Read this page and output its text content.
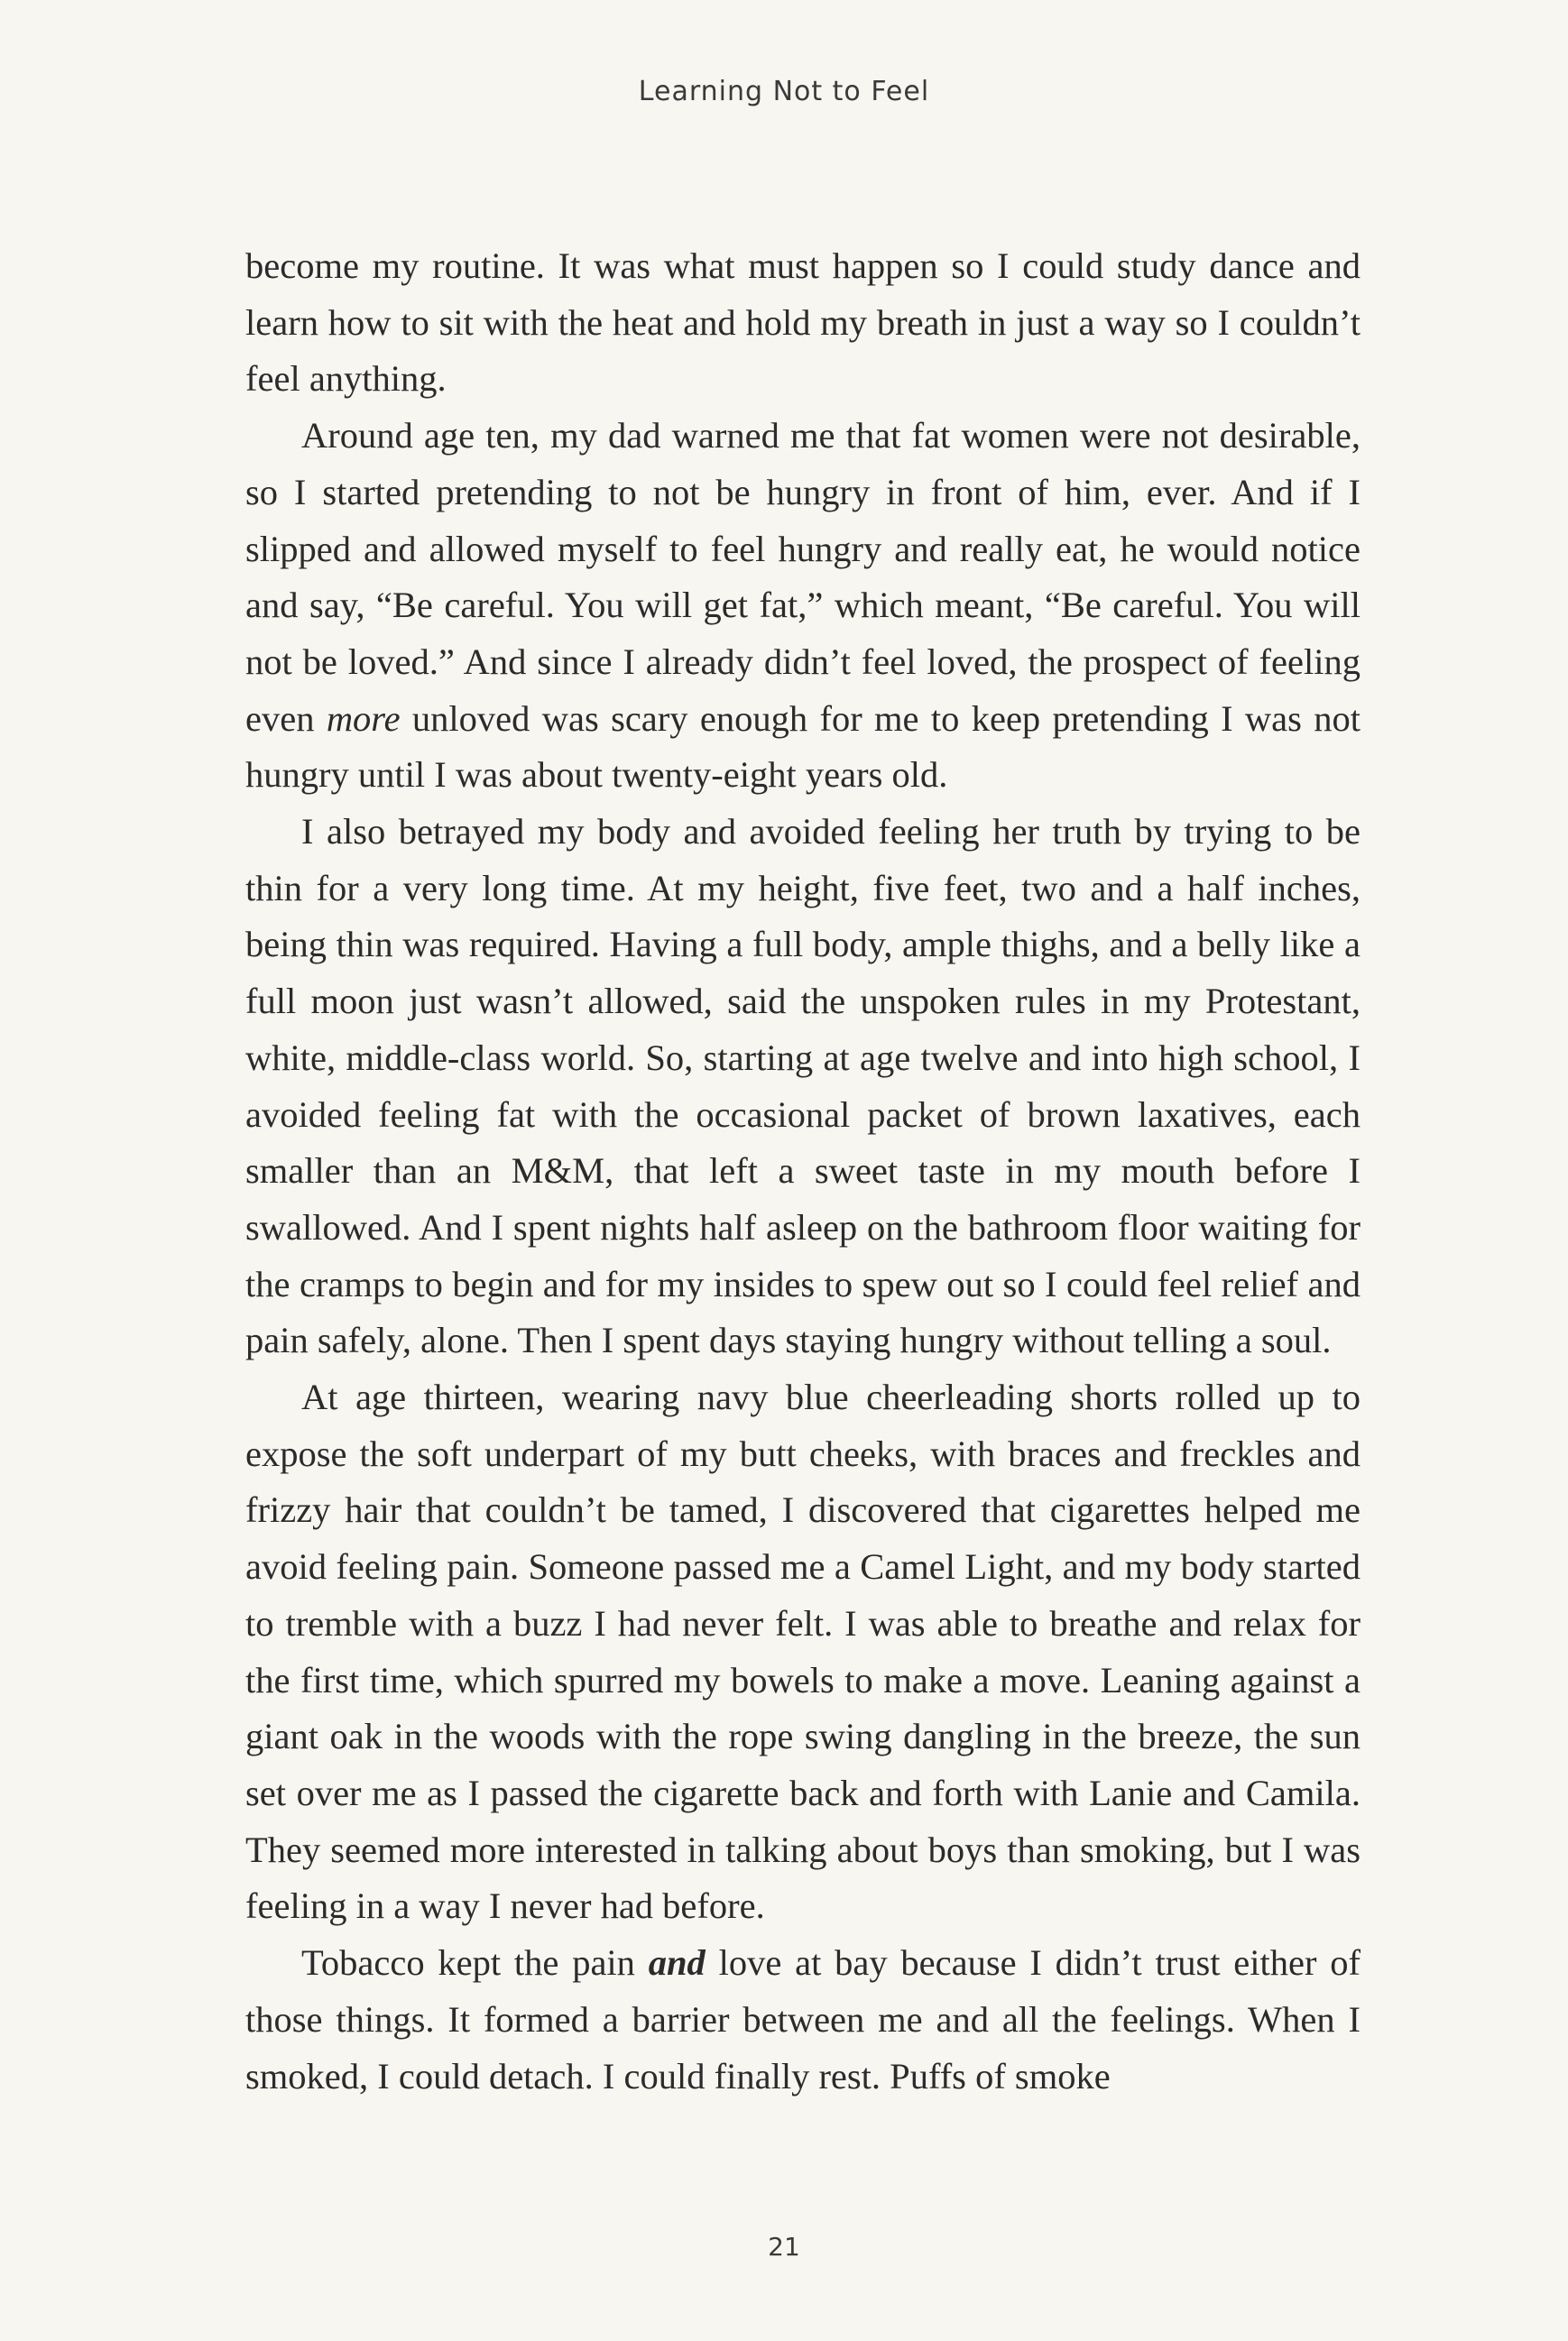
Learning Not to Feel

become my routine. It was what must happen so I could study dance and learn how to sit with the heat and hold my breath in just a way so I couldn’t feel anything.

Around age ten, my dad warned me that fat women were not desirable, so I started pretending to not be hungry in front of him, ever. And if I slipped and allowed myself to feel hungry and really eat, he would notice and say, “Be careful. You will get fat,” which meant, “Be careful. You will not be loved.” And since I already didn’t feel loved, the prospect of feeling even more unloved was scary enough for me to keep pretending I was not hungry until I was about twenty-eight years old.

I also betrayed my body and avoided feeling her truth by trying to be thin for a very long time. At my height, five feet, two and a half inches, being thin was required. Having a full body, ample thighs, and a belly like a full moon just wasn’t allowed, said the unspoken rules in my Protestant, white, middle-class world. So, starting at age twelve and into high school, I avoided feeling fat with the occasional packet of brown laxatives, each smaller than an M&M, that left a sweet taste in my mouth before I swallowed. And I spent nights half asleep on the bathroom floor waiting for the cramps to begin and for my insides to spew out so I could feel relief and pain safely, alone. Then I spent days staying hungry without telling a soul.

At age thirteen, wearing navy blue cheerleading shorts rolled up to expose the soft underpart of my butt cheeks, with braces and freckles and frizzy hair that couldn’t be tamed, I discovered that cigarettes helped me avoid feeling pain. Someone passed me a Camel Light, and my body started to tremble with a buzz I had never felt. I was able to breathe and relax for the first time, which spurred my bowels to make a move. Leaning against a giant oak in the woods with the rope swing dangling in the breeze, the sun set over me as I passed the cigarette back and forth with Lanie and Camila. They seemed more interested in talking about boys than smoking, but I was feeling in a way I never had before.

Tobacco kept the pain and love at bay because I didn’t trust either of those things. It formed a barrier between me and all the feelings. When I smoked, I could detach. I could finally rest. Puffs of smoke

21
